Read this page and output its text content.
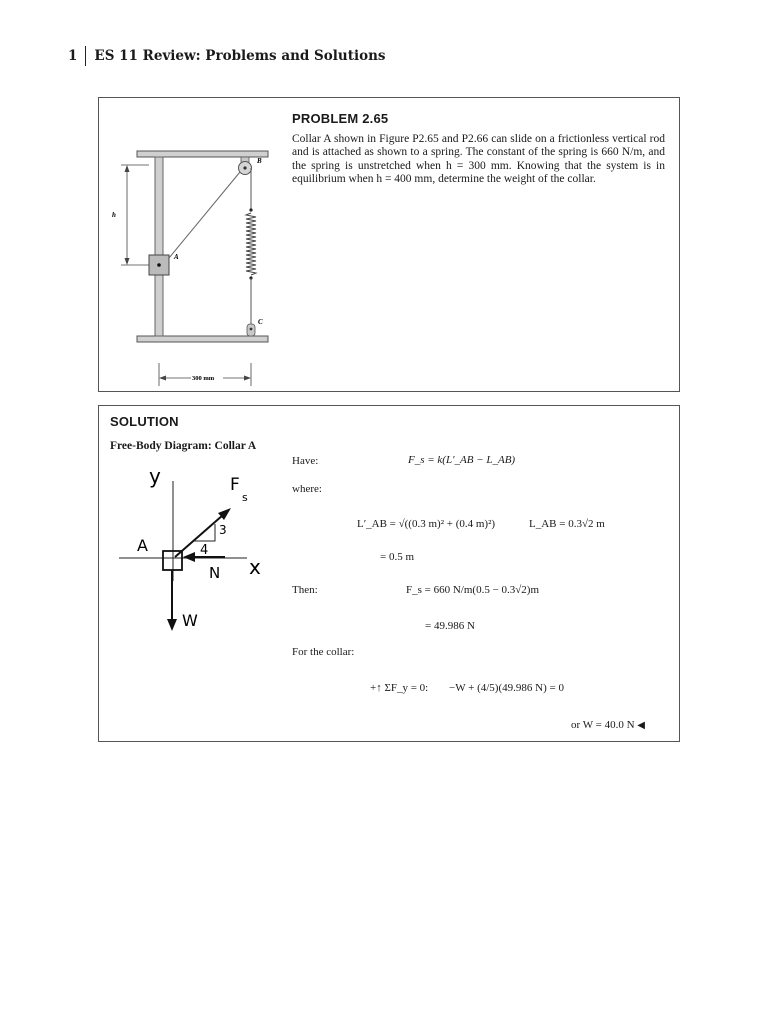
1 ES 11 Review: Problems and Solutions
B
A
C
h
300 mm
PROBLEM 2.65
Collar A shown in Figure P2.65 and P2.66 can slide on a frictionless vertical rod and is attached as shown to a spring. The constant of the spring is 660 N/m, and the spring is unstretched when h = 300 mm. Knowing that the system is in equilibrium when h = 400 mm, determine the weight of the collar.
SOLUTION
Free-Body Diagram: Collar A
y	F
s
3
4
A
N x
W
Have:	F_s = k(L′_AB − L_AB)
where:
L′_AB = √((0.3 m)² + (0.4 m)²)	L_AB = 0.3√2 m
= 0.5 m
Then:	F_s = 660 N/m(0.5 − 0.3√2)m
= 49.986 N
For the collar:
+↑ ΣF_y = 0: −W + (4/5)(49.986 N) = 0
or W = 40.0 N ◀
